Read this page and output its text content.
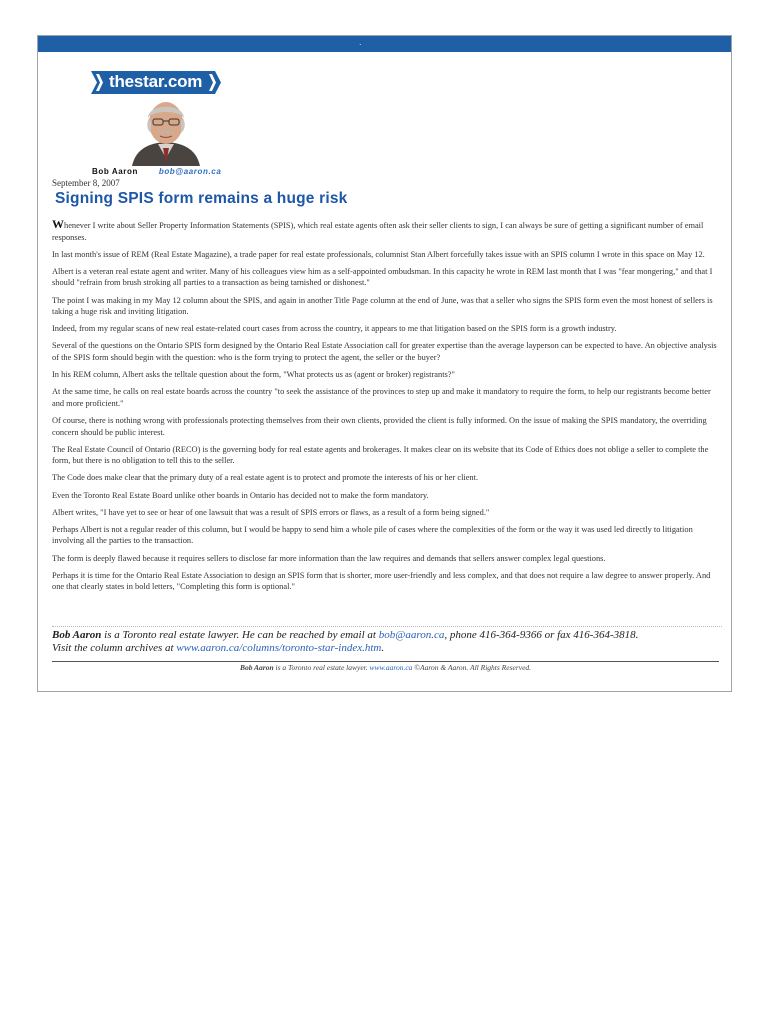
.
thestar.com
Bob Aaron	bob@aaron.ca
September 8, 2007
Signing SPIS form remains a huge risk

Whenever I write about Seller Property Information Statements (SPIS), which real estate agents often ask their seller clients to sign, I can always be sure of getting a significant number of email responses.

In last month's issue of REM (Real Estate Magazine), a trade paper for real estate professionals, columnist Stan Albert forcefully takes issue with an SPIS column I wrote in this space on May 12.

Albert is a veteran real estate agent and writer. Many of his colleagues view him as a self-appointed ombudsman. In this capacity he wrote in REM last month that I was "fear mongering," and that I should "refrain from brush stroking all parties to a transaction as being tarnished or dishonest."

The point I was making in my May 12 column about the SPIS, and again in another Title Page column at the end of June, was that a seller who signs the SPIS form even the most honest of sellers is taking a huge risk and inviting litigation.

Indeed, from my regular scans of new real estate-related court cases from across the country, it appears to me that litigation based on the SPIS form is a growth industry.

Several of the questions on the Ontario SPIS form designed by the Ontario Real Estate Association call for greater expertise than the average layperson can be expected to have. An objective analysis of the SPIS form should begin with the question: who is the form trying to protect the agent, the seller or the buyer?

In his REM column, Albert asks the telltale question about the form, "What protects us as (agent or broker) registrants?"

At the same time, he calls on real estate boards across the country "to seek the assistance of the provinces to step up and make it mandatory to require the form, to help our registrants become better and more proficient."

Of course, there is nothing wrong with professionals protecting themselves from their own clients, provided the client is fully informed. On the issue of making the SPIS mandatory, the overriding concern should be public interest.

The Real Estate Council of Ontario (RECO) is the governing body for real estate agents and brokerages. It makes clear on its website that its Code of Ethics does not oblige a seller to complete the form, but there is no obligation to tell this to the seller.

The Code does make clear that the primary duty of a real estate agent is to protect and promote the interests of his or her client.

Even the Toronto Real Estate Board unlike other boards in Ontario has decided not to make the form mandatory.

Albert writes, "I have yet to see or hear of one lawsuit that was a result of SPIS errors or flaws, as a result of a form being signed."

Perhaps Albert is not a regular reader of this column, but I would be happy to send him a whole pile of cases where the complexities of the form or the way it was used led directly to litigation involving all the parties to the transaction.

The form is deeply flawed because it requires sellers to disclose far more information than the law requires and demands that sellers answer complex legal questions.

Perhaps it is time for the Ontario Real Estate Association to design an SPIS form that is shorter, more user-friendly and less complex, and that does not require a law degree to answer properly. And one that clearly states in bold letters, "Completing this form is optional."

Bob Aaron is a Toronto real estate lawyer. He can be reached by email at bob@aaron.ca, phone 416-364-9366 or fax 416-364-3818.
Visit the column archives at www.aaron.ca/columns/toronto-star-index.htm.
Bob Aaron is a Toronto real estate lawyer. www.aaron.ca ©Aaron & Aaron. All Rights Reserved.
